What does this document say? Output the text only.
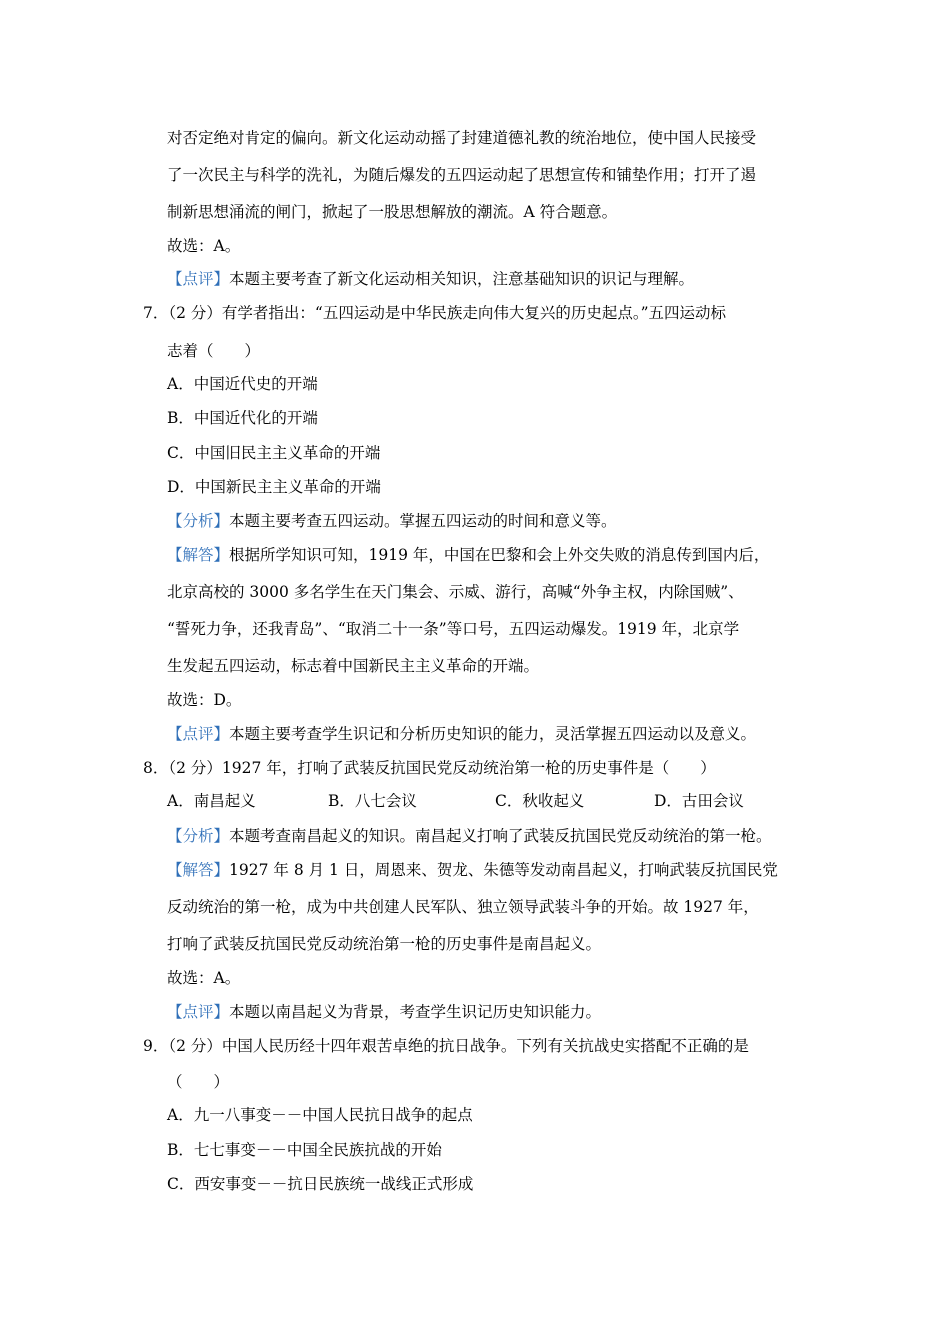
对否定绝对肯定的偏向。新文化运动动摇了封建道德礼教的统治地位，使中国人民接受
了一次民主与科学的洗礼，为随后爆发的五四运动起了思想宣传和铺垫作用；打开了遏
制新思想涌流的闸门，掀起了一股思想解放的潮流。A 符合题意。
故选：A。
【点评】本题主要考查了新文化运动相关知识，注意基础知识的识记与理解。
7．（2 分）有学者指出：“五四运动是中华民族走向伟大复兴的历史起点。”五四运动标
志着（　　）
A．中国近代史的开端
B．中国近代化的开端
C．中国旧民主主义革命的开端
D．中国新民主主义革命的开端
【分析】本题主要考查五四运动。掌握五四运动的时间和意义等。
【解答】根据所学知识可知，1919 年，中国在巴黎和会上外交失败的消息传到国内后，
北京高校的 3000 多名学生在天门集会、示威、游行，高喊“外争主权，内除国贼”、
“誓死力争，还我青岛”、“取消二十一条”等口号，五四运动爆发。1919 年，北京学
生发起五四运动，标志着中国新民主主义革命的开端。
故选：D。
【点评】本题主要考查学生识记和分析历史知识的能力，灵活掌握五四运动以及意义。
8．（2 分）1927 年，打响了武装反抗国民党反动统治第一枪的历史事件是（　　）
A．南昌起义	B．八七会议	C．秋收起义	D．古田会议
【分析】本题考查南昌起义的知识。南昌起义打响了武装反抗国民党反动统治的第一枪。
【解答】1927 年 8 月 1 日，周恩来、贺龙、朱德等发动南昌起义，打响武装反抗国民党
反动统治的第一枪，成为中共创建人民军队、独立领导武装斗争的开始。故 1927 年，
打响了武装反抗国民党反动统治第一枪的历史事件是南昌起义。
故选：A。
【点评】本题以南昌起义为背景，考查学生识记历史知识能力。
9．（2 分）中国人民历经十四年艰苦卓绝的抗日战争。下列有关抗战史实搭配不正确的是
（　　）
A．九一八事变－－中国人民抗日战争的起点
B．七七事变－－中国全民族抗战的开始
C．西安事变－－抗日民族统一战线正式形成
